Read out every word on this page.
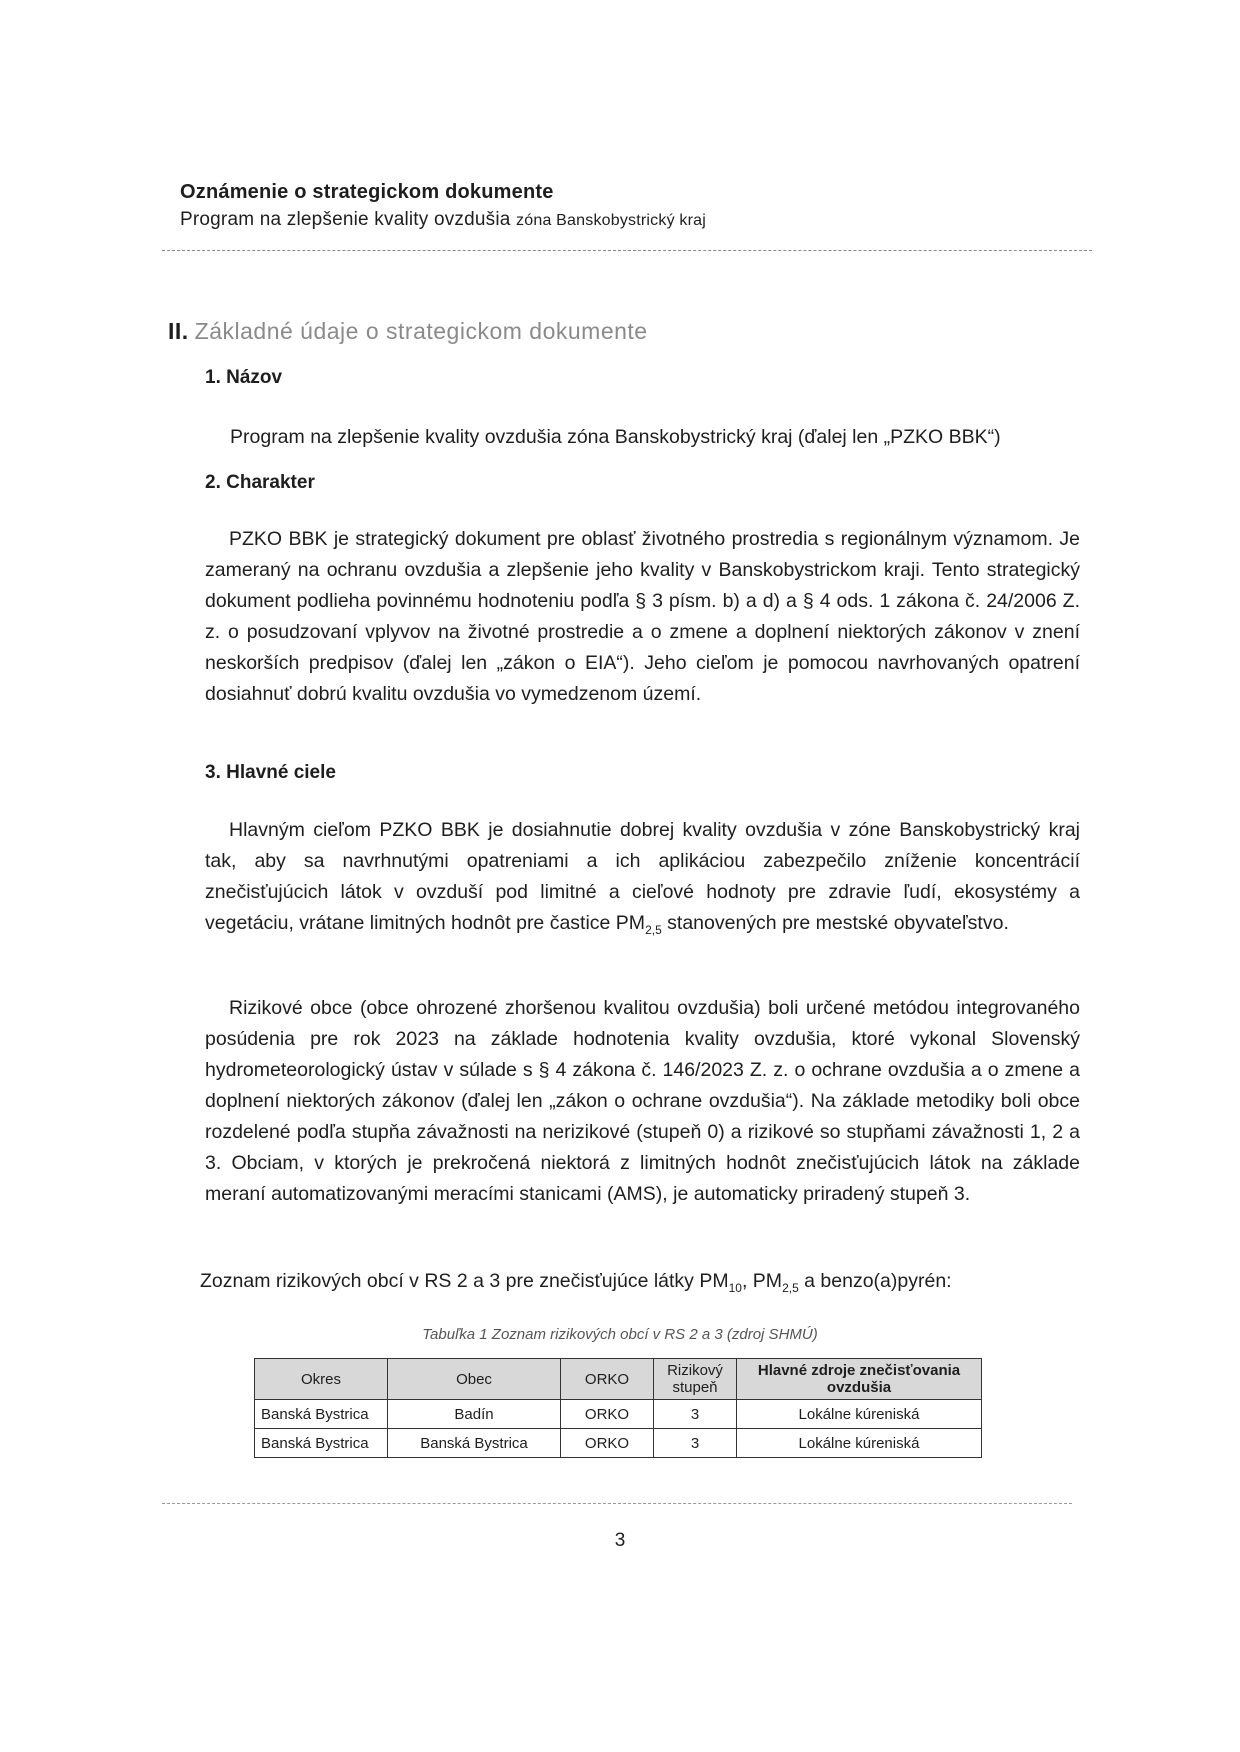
Oznámenie o strategickom dokumente
Program na zlepšenie kvality ovzdušia zóna Banskobystrický kraj
II. Základné údaje o strategickom dokumente
1. Názov
Program na zlepšenie kvality ovzdušia zóna Banskobystrický kraj (ďalej len „PZKO BBK“)
2. Charakter
PZKO BBK je strategický dokument pre oblasť životného prostredia s regionálnym významom. Je zameraný na ochranu ovzdušia a zlepšenie jeho kvality v Banskobystrickom kraji. Tento strategický dokument podlieha povinnému hodnoteniu podľa § 3 písm. b) a d) a § 4 ods. 1 zákona č. 24/2006 Z. z. o posudzovaní vplyvov na životné prostredie a o zmene a doplnení niektorých zákonov v znení neskorších predpisov (ďalej len „zákon o EIA“). Jeho cieľom je pomocou navrhovaných opatrení dosiahnuť dobrú kvalitu ovzdušia vo vymedzenom území.
3. Hlavné ciele
Hlavným cieľom PZKO BBK je dosiahnutie dobrej kvality ovzdušia v zóne Banskobystrický kraj tak, aby sa navrhnutými opatreniami a ich aplikáciou zabezpečilo zníženie koncentrácií znečisťujúcich látok v ovzduší pod limitné a cieľové hodnoty pre zdravie ľudí, ekosystémy a vegetáciu, vrátane limitných hodnôt pre častice $PM_{2,5}$ stanovených pre mestské obyvateľstvo.
Rizikové obce (obce ohrozené zhoršenou kvalitou ovzdušia) boli určené metódou integrovaného posúdenia pre rok 2023 na základe hodnotenia kvality ovzdušia, ktoré vykonal Slovenský hydrometeorologický ústav v súlade s § 4 zákona č. 146/2023 Z. z. o ochrane ovzdušia a o zmene a doplnení niektorých zákonov (ďalej len „zákon o ochrane ovzdušia“). Na základe metodiky boli obce rozdelené podľa stupňa závažnosti na nerizikové (stupeň 0) a rizikové so stupňami závažnosti 1, 2 a 3. Obciam, v ktorých je prekročená niektorá z limitných hodnôt znečisťujúcich látok na základe meraní automatizovanými meracími stanicami (AMS), je automaticky priradený stupeň 3.
Zoznam rizikových obcí v RS 2 a 3 pre znečisťujúce látky $PM_{10}$, $PM_{2,5}$ a benzo(a)pyrén:
Tabuľka 1 Zoznam rizikových obcí v RS 2 a 3 (zdroj SHMÚ)
Okres	Obec	ORKO	Rizikový stupeň	Hlavné zdroje znečisťovania ovzdušia
Banská Bystrica	Badín	ORKO	3	Lokálne kúreniská
Banská Bystrica	Banská Bystrica	ORKO	3	Lokálne kúreniská
3
